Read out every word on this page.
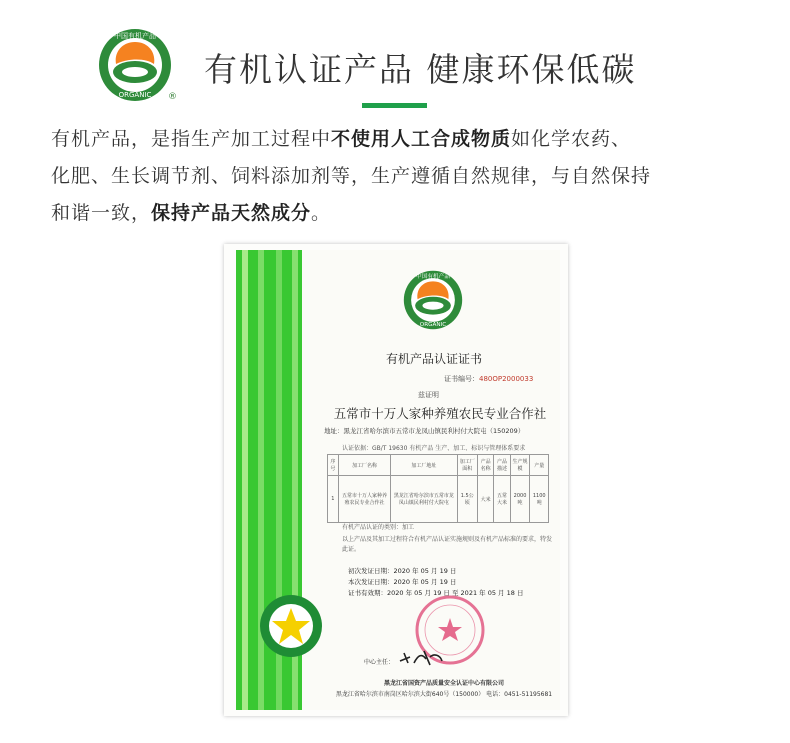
中国有机产品
ORGANIC ®
有机认证产品 健康环保低碳
有机产品，是指生产加工过程中不使用人工合成物质如化学农药、
化肥、生长调节剂、饲料添加剂等，生产遵循自然规律，与自然保持
和谐一致，保持产品天然成分。
中国有机产品
ORGANIC
有机产品认证证书
证书编号：480OP2000033
兹证明
五常市十万人家种养殖农民专业合作社
地址：黑龙江省哈尔滨市五常市龙凤山镇民利村付大院屯（150209）
认证依据：GB/T 19630 有机产品 生产、加工、标识与管理体系要求
序号	加工厂名称	加工厂地址	加工厂面积	产品名称	产品描述	生产规模	产量
1	五常市十万人家种养殖农民专业合作社	黑龙江省哈尔滨市五常市龙凤山镇民利村付大院屯	1.5公顷	大米	五常大米	2000吨	1100吨
有机产品认证的类别：加工
以上产品及其加工过程符合有机产品认证实施规则及有机产品标准的要求，特发此证。
初次发证日期：2020 年 05 月 19 日
本次发证日期：2020 年 05 月 19 日
证书有效期：2020 年 05 月 19 日 至 2021 年 05 月 18 日
中心主任：
黑龙江省国资产品质量安全认证中心有限公司
黑龙江省哈尔滨市南岗区哈尔滨大街640号（150000） 电话：0451-51195681
